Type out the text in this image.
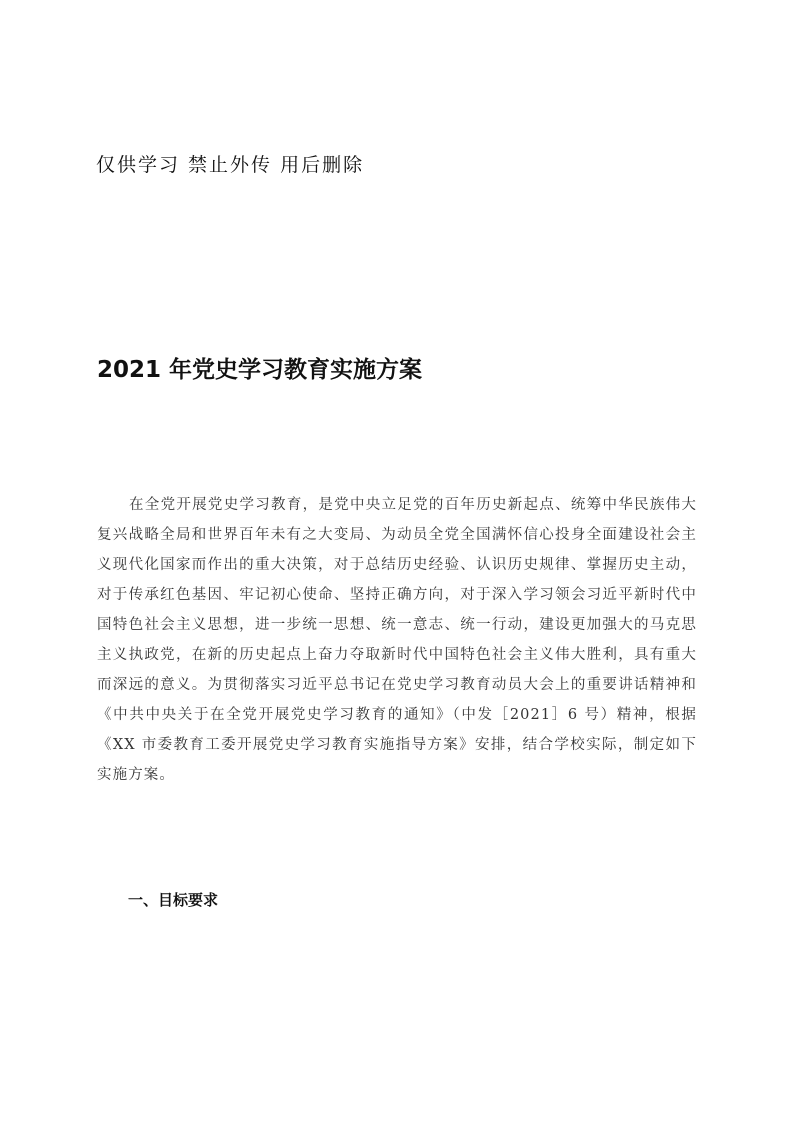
仅供学习 禁止外传 用后删除
2021 年党史学习教育实施方案

在全党开展党史学习教育，是党中央立足党的百年历史新起点、统筹中华民族伟大复兴战略全局和世界百年未有之大变局、为动员全党全国满怀信心投身全面建设社会主义现代化国家而作出的重大决策，对于总结历史经验、认识历史规律、掌握历史主动，对于传承红色基因、牢记初心使命、坚持正确方向，对于深入学习领会习近平新时代中国特色社会主义思想，进一步统一思想、统一意志、统一行动，建设更加强大的马克思主义执政党，在新的历史起点上奋力夺取新时代中国特色社会主义伟大胜利，具有重大而深远的意义。为贯彻落实习近平总书记在党史学习教育动员大会上的重要讲话精神和《中共中央关于在全党开展党史学习教育的通知》（中发［2021］6 号）精神，根据《XX 市委教育工委开展党史学习教育实施指导方案》安排，结合学校实际，制定如下实施方案。

一、目标要求
